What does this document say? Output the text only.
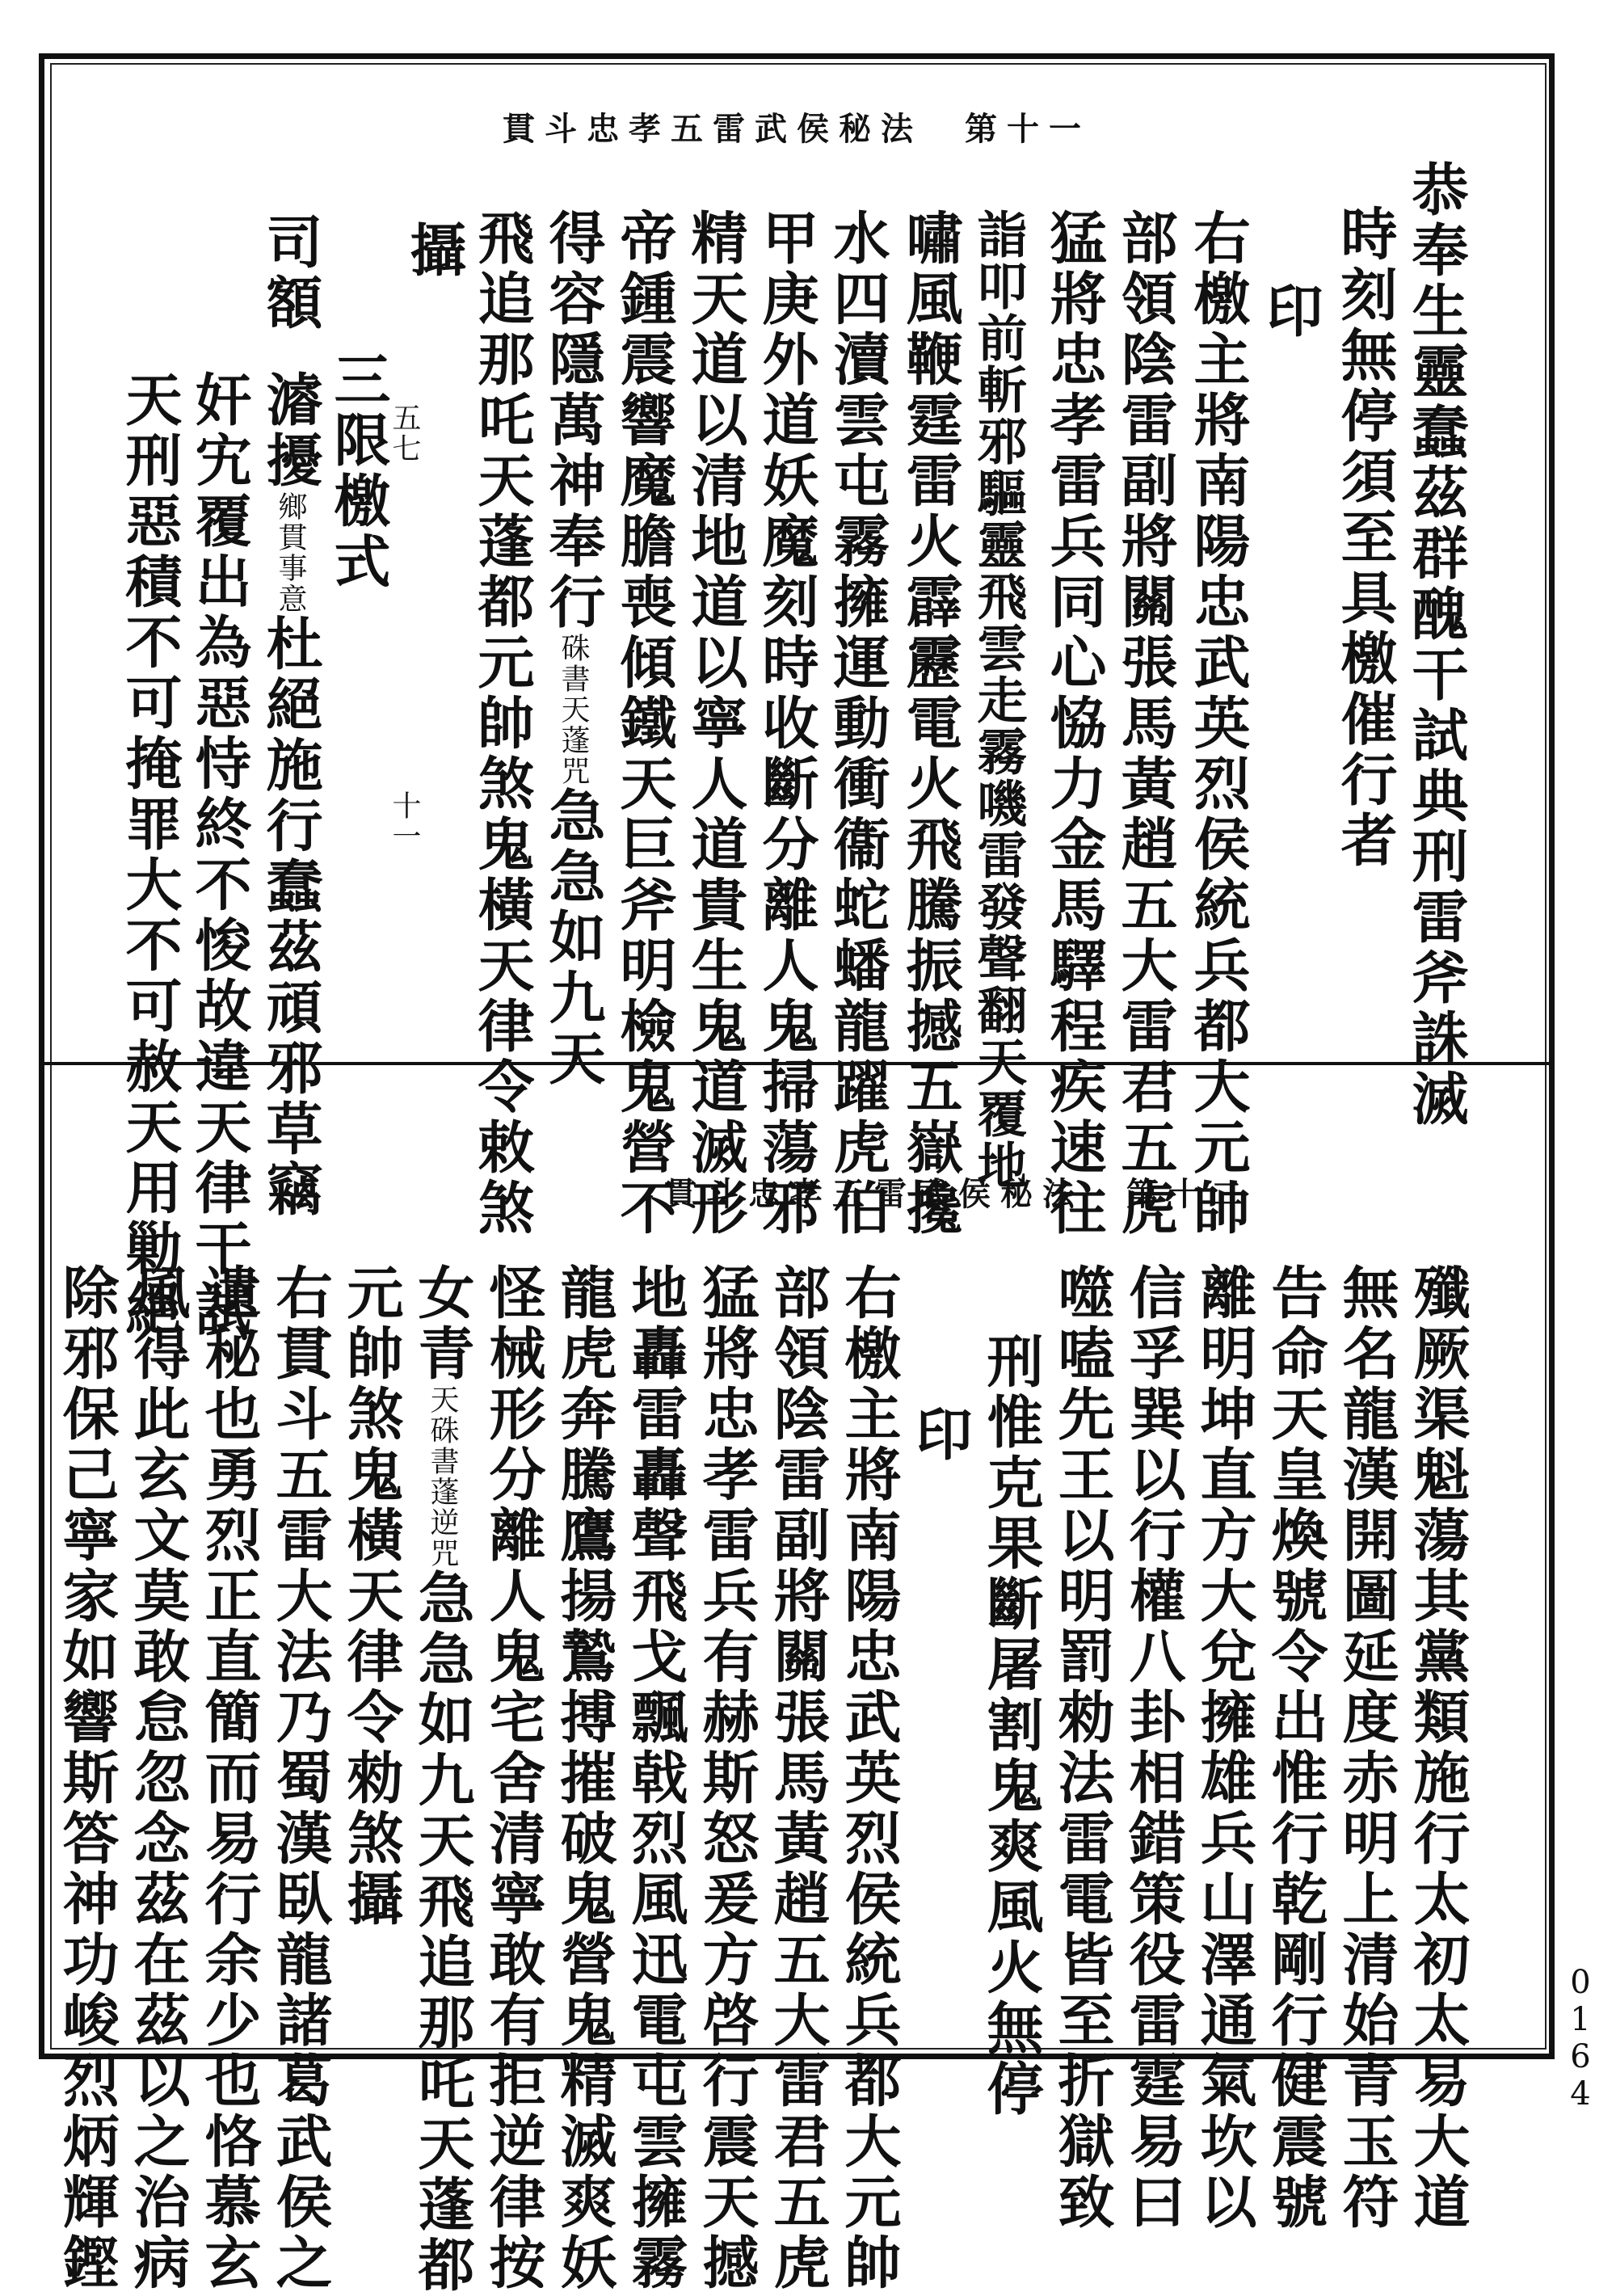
貫斗忠孝五雷武侯秘法　第十一
恭奉生靈蠢茲群醜干試典刑雷斧誅滅
時刻無停須至具檄催行者
印
右檄主將南陽忠武英烈侯統兵都大元帥
部領陰雷副將關張馬黃趙五大雷君五虎
猛將忠孝雷兵同心恊力金馬驛程疾速往
詣叩前斬邪驅靈飛雲走霧嘰雷發聲翻天覆地
嘯風鞭霆雷火霹靂電火飛騰振撼五嶽攙
水四瀆雲屯霧擁運動衝衞蛇蟠龍躍虎伯
甲庚外道妖魔刻時收斷分離人鬼掃蕩邪
精天道以清地道以寧人道貴生鬼道滅形
帝鍾震響魔膽喪傾鐵天巨斧明檢鬼營不
得容隱萬神奉行硃書天蓬咒急急如九天
飛追那吒天蓬都元帥煞鬼橫天律令敕煞
攝
三限檄式
五七
十一
司額
𤀹擾鄉貫事意杜絕施行蠢茲頑邪草竊
奸宄覆出為惡恃終不悛故違天律干試
天刑惡積不可掩罪大不可赦天用勦絕	貫斗忠孝五雷武侯秘法　第十二
殲厥渠魁蕩其黨類施行太初太易大道
無名龍漢開圖延度赤明上清始青玉符
告命天皇煥號令出惟行乾剛行健震號
離明坤直方大兌擁雄兵山澤通氣坎以
信孚巽以行權八卦相錯策役雷霆易曰
噬嗑先王以明罰勑法雷電皆至折獄致
刑惟克果斷屠割鬼爽風火無停
印
右檄主將南陽忠武英烈侯統兵都大元帥
部領陰雷副將關張馬黃趙五大雷君五虎
猛將忠孝雷兵有赫斯怒爰方啓行震天撼
地轟雷轟聲飛戈飄戟烈風迅電屯雲擁霧
龍虎奔騰鷹揚鷙搏摧破鬼營鬼精滅爽妖
怪械形分離人鬼宅舍清寧敢有拒逆律按
女青天硃書蓬逆咒急急如九天飛追那吒天蓬都
元帥煞鬼橫天律令勑煞攝
右貫斗五雷大法乃蜀漢臥龍諸葛武侯之
遺秘也勇烈正直簡而易行余少也恪慕玄
風得此玄文莫敢怠忽念茲在茲以之治病
除邪保己寧家如響斯答神功峻烈炳輝鏗	0164
